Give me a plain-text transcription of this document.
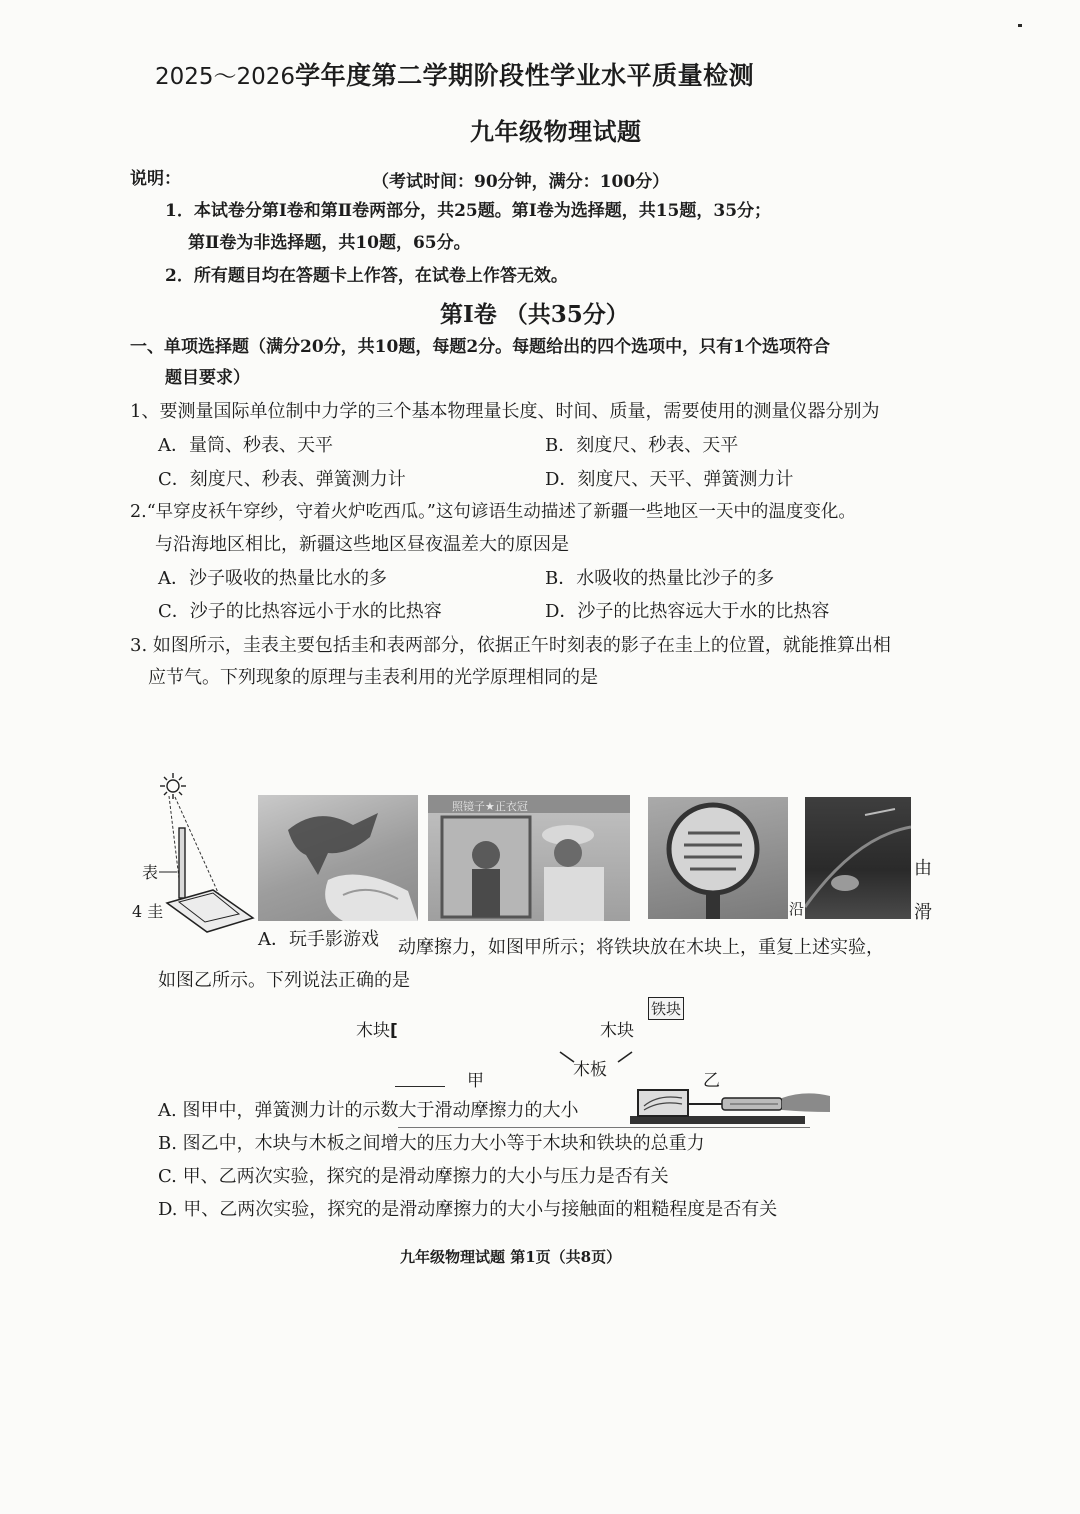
2025～2026学年度第二学期阶段性学业水平质量检测
九年级物理试题
说明：	（考试时间：90分钟，满分：100分）
1．本试卷分第Ⅰ卷和第Ⅱ卷两部分，共25题。第Ⅰ卷为选择题，共15题，35分；
第Ⅱ卷为非选择题，共10题，65分。
2．所有题目均在答题卡上作答，在试卷上作答无效。
第Ⅰ卷 （共35分）
一、单项选择题（满分20分，共10题，每题2分。每题给出的四个选项中，只有1个选项符合
题目要求）
1、要测量国际单位制中力学的三个基本物理量长度、时间、质量，需要使用的测量仪器分别为
A．量筒、秒表、天平	B．刻度尺、秒表、天平
C．刻度尺、秒表、弹簧测力计	D．刻度尺、天平、弹簧测力计
2.“早穿皮袄午穿纱，守着火炉吃西瓜。”这句谚语生动描述了新疆一些地区一天中的温度变化。
与沿海地区相比，新疆这些地区昼夜温差大的原因是
A．沙子吸收的热量比水的多	B．水吸收的热量比沙子的多
C．沙子的比热容远小于水的比热容	D．沙子的比热容远大于水的比热容
3. 如图所示，圭表主要包括圭和表两部分，依据正午时刻表的影子在圭上的位置，就能推算出相
应节气。下列现象的原理与圭表利用的光学原理相同的是
表
4 圭
照镜子★正衣冠
由
滑
沿
A．玩手影游戏 动摩擦力，如图甲所示；将铁块放在木块上，重复上述实验，
如图乙所示。下列说法正确的是
木块[
铁块
木块
木板
甲	乙
A. 图甲中，弹簧测力计的示数大于滑动摩擦力的大小
B. 图乙中，木块与木板之间增大的压力大小等于木块和铁块的总重力
C. 甲、乙两次实验，探究的是滑动摩擦力的大小与压力是否有关
D. 甲、乙两次实验，探究的是滑动摩擦力的大小与接触面的粗糙程度是否有关
九年级物理试题 第1页（共8页）
